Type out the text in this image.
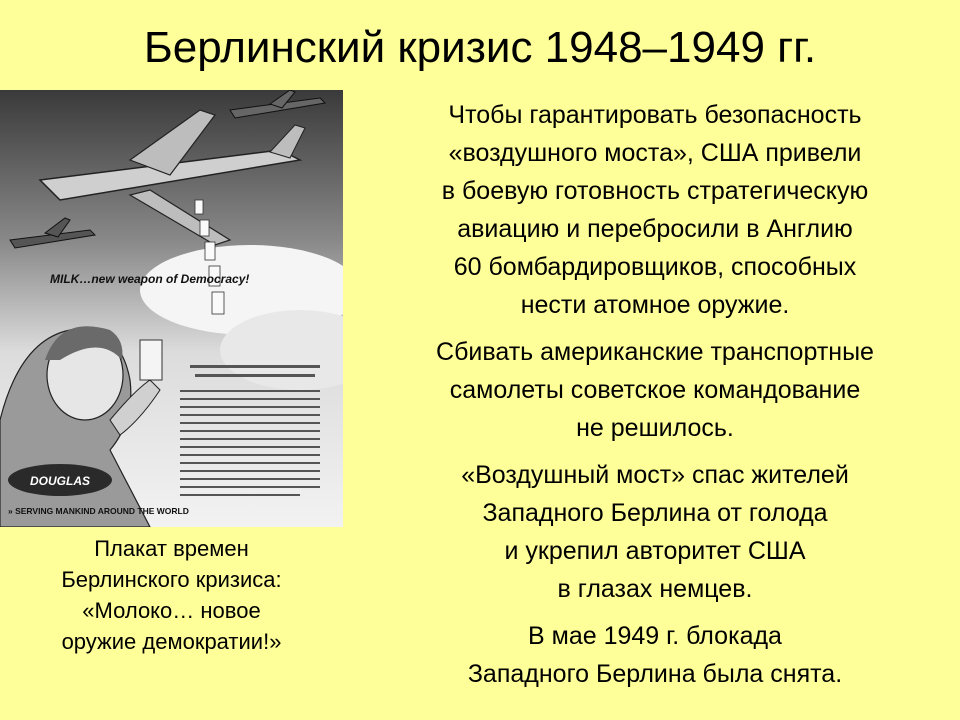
Берлинский кризис 1948–1949 гг.
MILK…new weapon of Democracy!
DOUGLAS
» SERVING MANKIND AROUND THE WORLD
Плакат времен
Берлинского кризиса:
«Молоко… новое
оружие демократии!»
Чтобы гарантировать безопасность
«воздушного моста», США привели
в боевую готовность стратегическую
авиацию и перебросили в Англию
60 бомбардировщиков, способных
нести атомное оружие.
Сбивать американские транспортные
самолеты советское командование
не решилось.
«Воздушный мост» спас жителей
Западного Берлина от голода
и укрепил авторитет США
в глазах немцев.
В мае 1949 г. блокада
Западного Берлина была снята.
